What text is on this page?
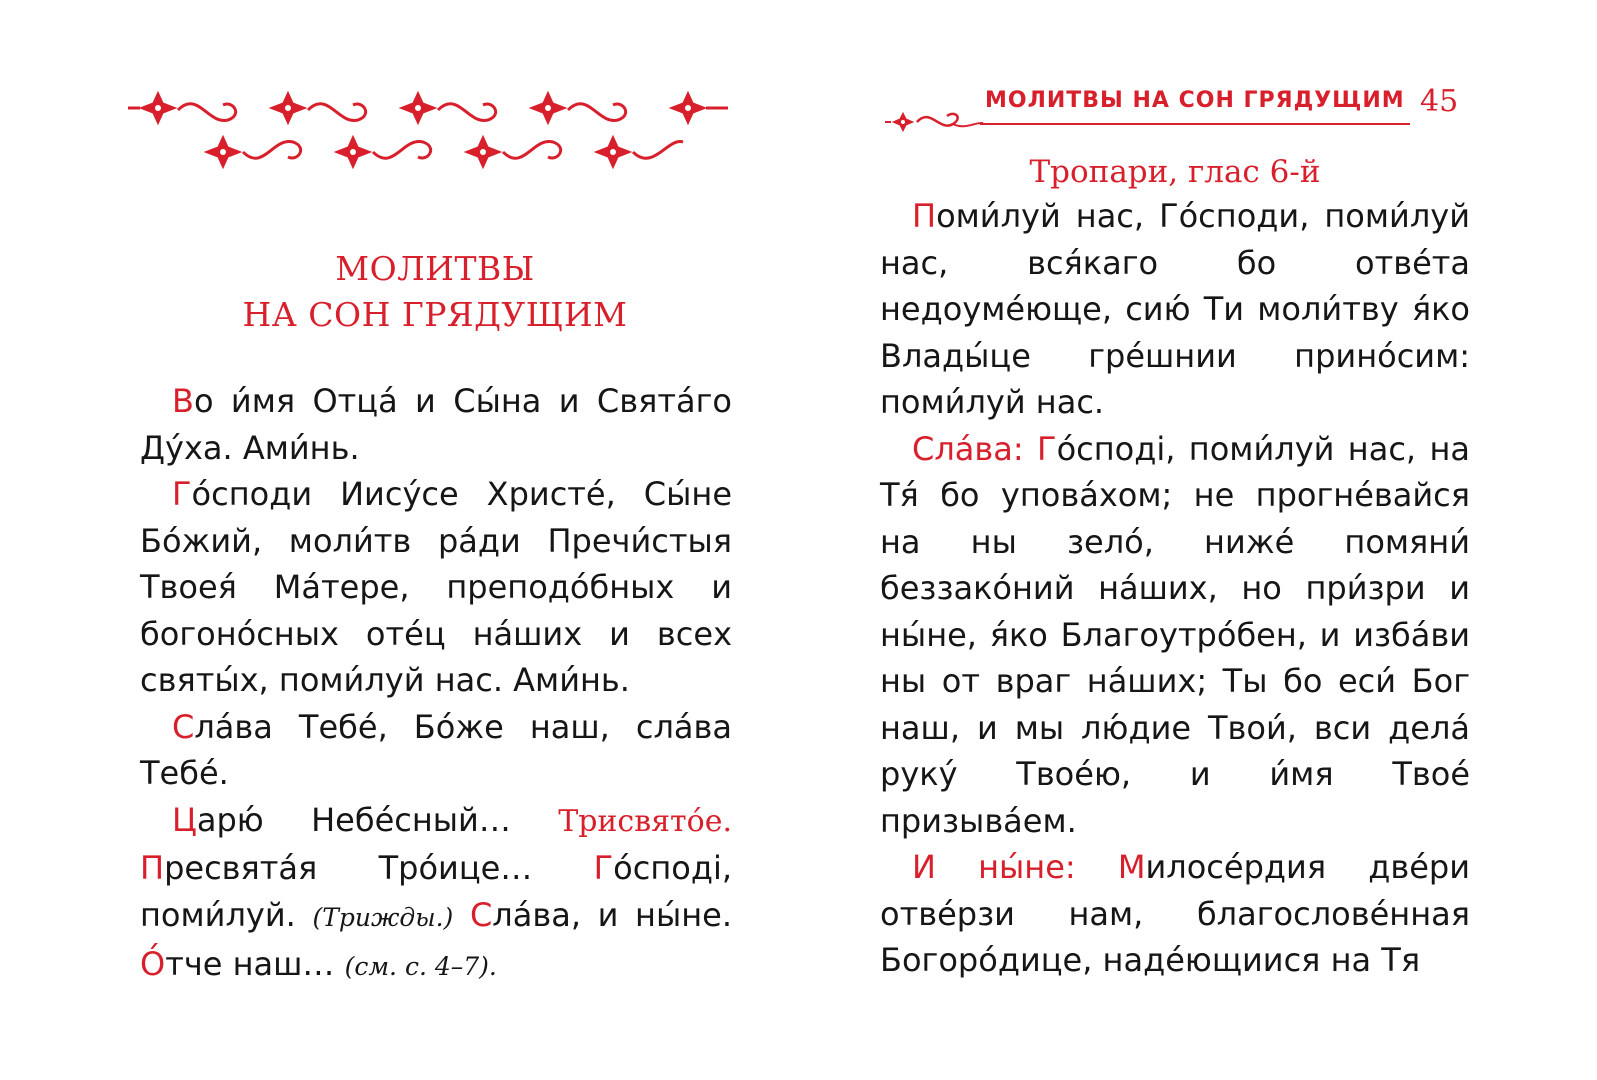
МОЛИТВЫ
НА СОН ГРЯДУЩИМ

Во и́мя Отца́ и Сы́на и Свята́го Ду́ха. Ами́нь.

Го́споди Иису́се Христе́, Сы́не Бо́жий, моли́тв ра́ди Пречи́стыя Твоея́ Ма́тере, преподо́бных и богоно́сных оте́ц на́ших и всех святы́х, поми́луй нас. Ами́нь.

Сла́ва Тебе́, Бо́же наш, сла́ва Тебе́.

Царю́ Небе́сный… Трисвято́е. Пресвята́я Тро́ице… Го́сподi, поми́луй. (Трижды.) Сла́ва, и ны́не. О́тче наш… (см. с. 4–7).

МОЛИТВЫ НА СОН ГРЯДУЩИМ 45
Тропари, глас 6-й

Поми́луй нас, Го́споди, поми́луй нас, вся́каго бо отве́та недоуме́юще, сию́ Ти моли́тву я́ко Влады́це гре́шнии прино́сим: поми́луй нас.

Сла́ва: Го́сподi, поми́луй нас, на Тя́ бо упова́хом; не прогне́вайся на ны зело́, ниже́ помяни́ беззако́ний на́ших, но при́зри и ны́не, я́ко Благоутро́бен, и изба́ви ны от враг на́ших; Ты бо еси́ Бог наш, и мы лю́дие Твои́, вси дела́ руку́ Твое́ю, и и́мя Твое́ призыва́ем.

И ны́не: Милосе́рдия две́ри отве́рзи нам, благослове́нная Богоро́дице, наде́ющиися на Тя
